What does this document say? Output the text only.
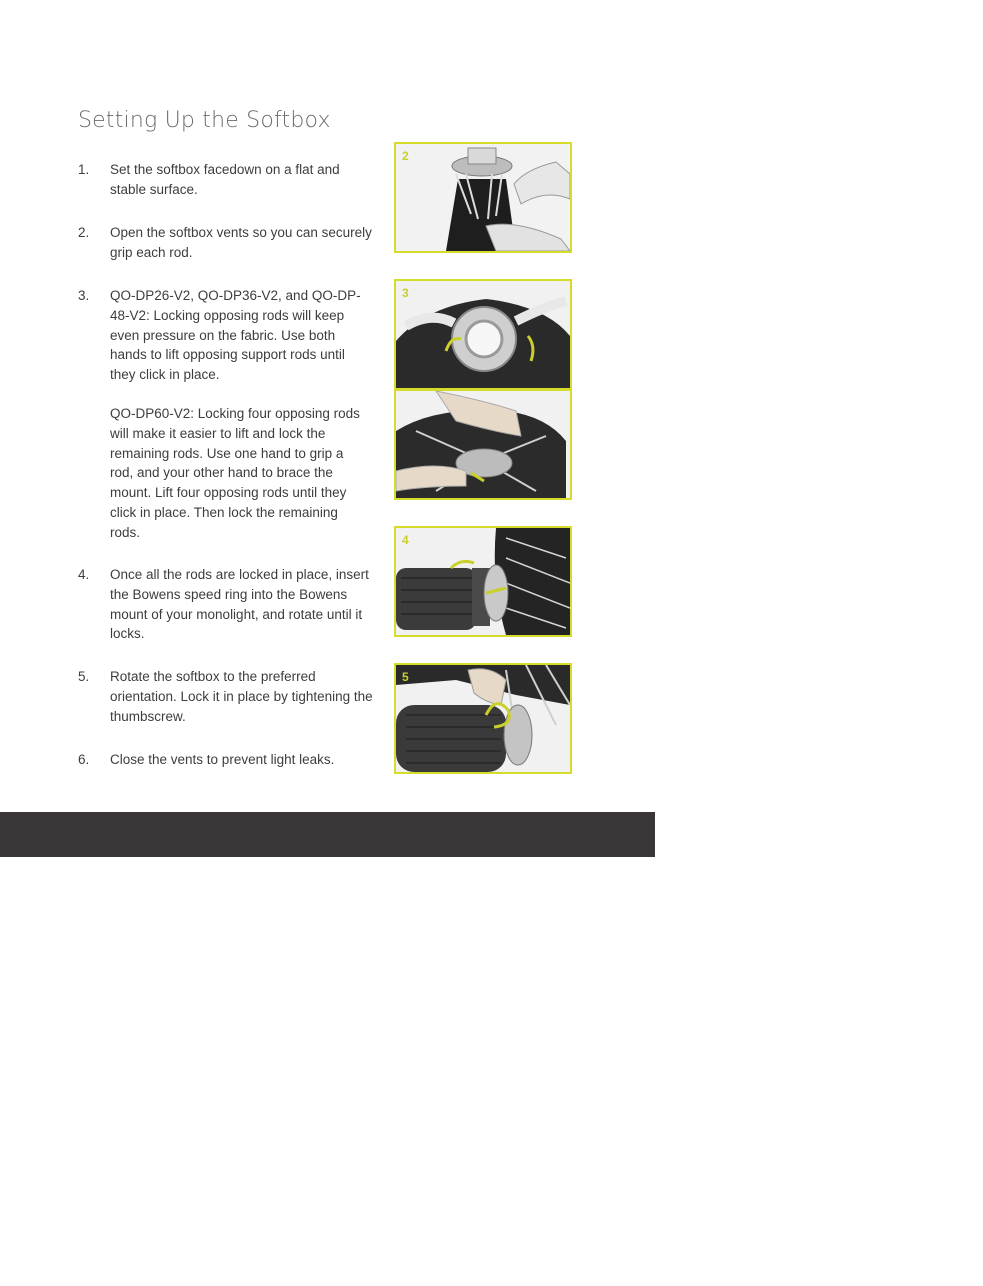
Setting Up the Softbox
1. Set the softbox facedown on a flat and stable surface.

2. Open the softbox vents so you can securely grip each rod.

3. QO-DP26-V2, QO-DP36-V2, and QO-DP-48-V2: Locking opposing rods will keep even pressure on the fabric. Use both hands to lift opposing support rods until they click in place.

QO-DP60-V2: Locking four opposing rods will make it easier to lift and lock the remaining rods. Use one hand to grip a rod, and your other hand to brace the mount. Lift four opposing rods until they click in place. Then lock the remaining rods.

4. Once all the rods are locked in place, insert the Bowens speed ring into the Bowens mount of your monolight, and rotate until it locks.

5. Rotate the softbox to the preferred orientation. Lock it in place by tightening the thumbscrew.

6. Close the vents to prevent light leaks.

2
3
4
5
